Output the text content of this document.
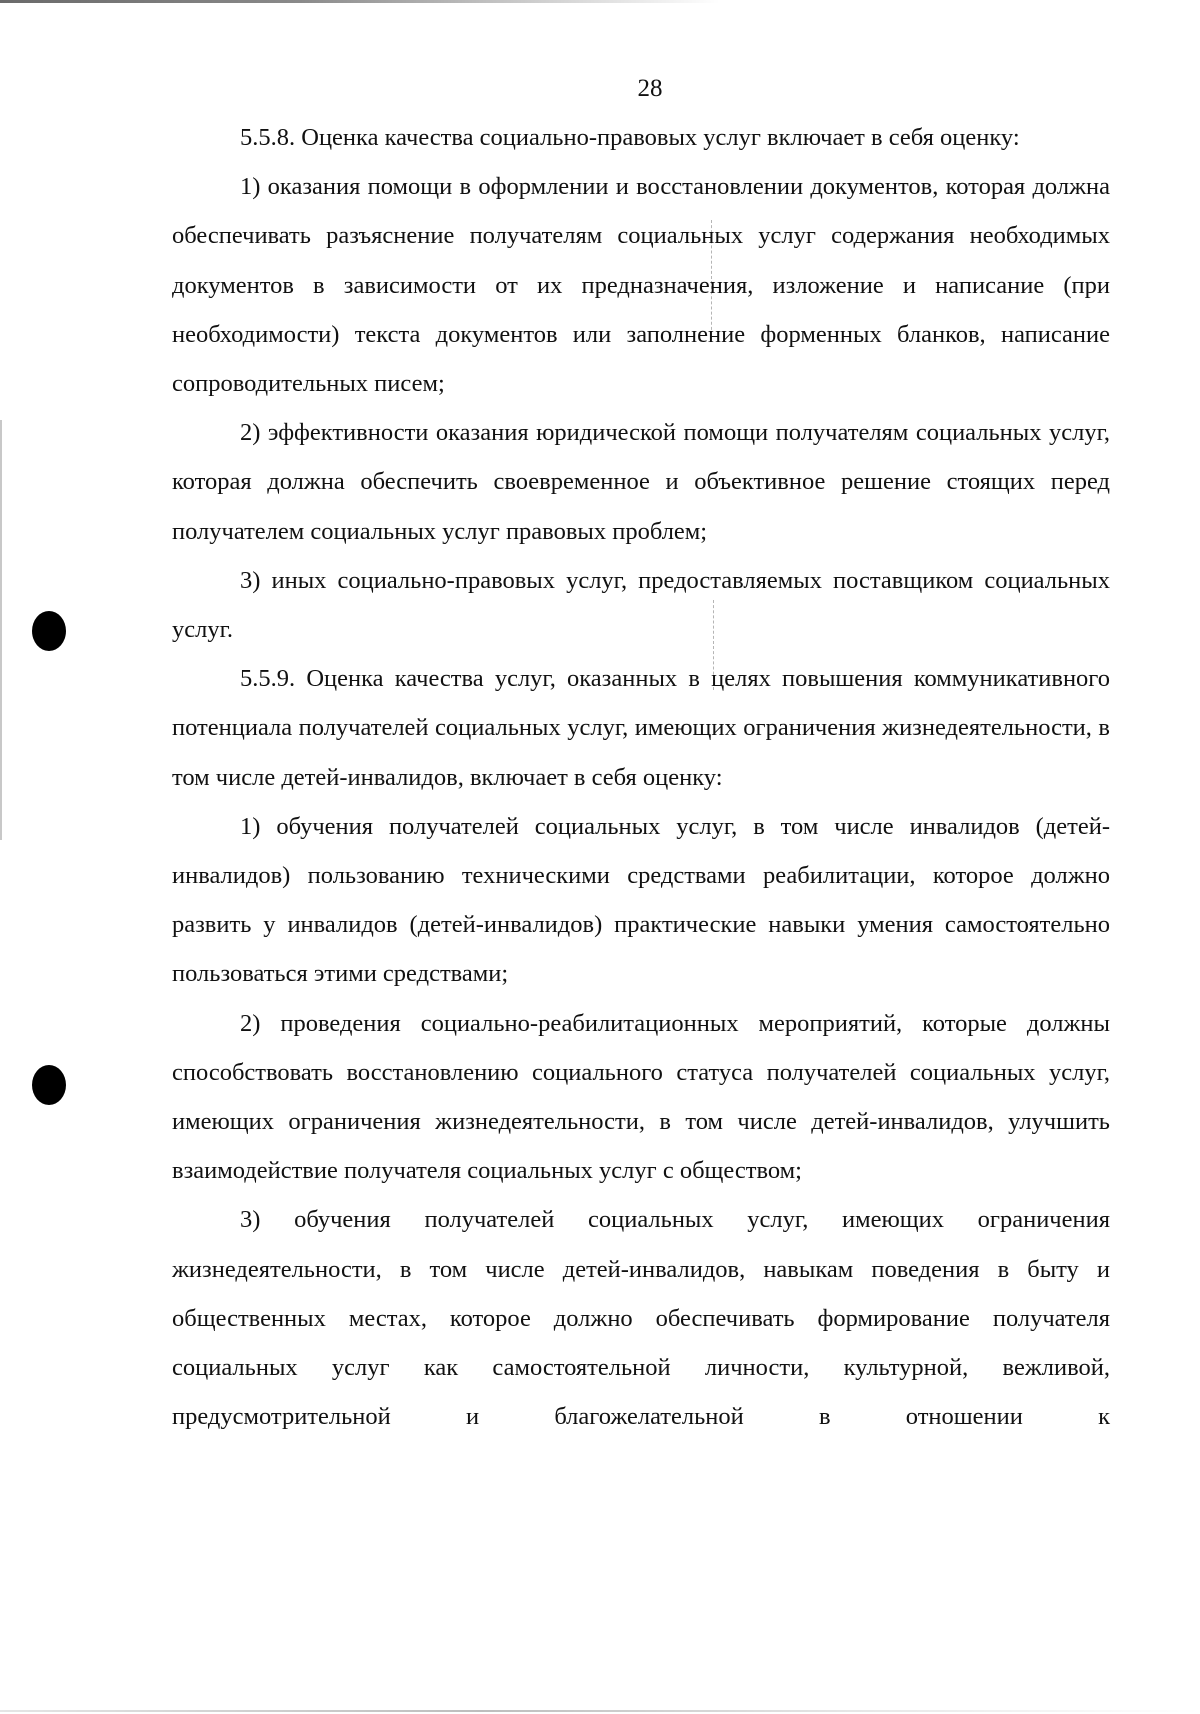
28

5.5.8. Оценка качества социально-правовых услуг включает в себя оценку:

1) оказания помощи в оформлении и восстановлении документов, которая должна обеспечивать разъяснение получателям социальных услуг содержания необходимых документов в зависимости от их предназначения, изложение и написание (при необходимости) текста документов или заполнение форменных бланков, написание сопроводительных писем;

2) эффективности оказания юридической помощи получателям социальных услуг, которая должна обеспечить своевременное и объективное решение стоящих перед получателем социальных услуг правовых проблем;

3) иных социально-правовых услуг, предоставляемых поставщиком социальных услуг.

5.5.9. Оценка качества услуг, оказанных в целях повышения коммуникативного потенциала получателей социальных услуг, имеющих ограничения жизнедеятельности, в том числе детей-инвалидов, включает в себя оценку:

1) обучения получателей социальных услуг, в том числе инвалидов (детей-инвалидов) пользованию техническими средствами реабилитации, которое должно развить у инвалидов (детей-инвалидов) практические навыки умения самостоятельно пользоваться этими средствами;

2) проведения социально-реабилитационных мероприятий, которые должны способствовать восстановлению социального статуса получателей социальных услуг, имеющих ограничения жизнедеятельности, в том числе детей-инвалидов, улучшить взаимодействие получателя социальных услуг с обществом;

3) обучения получателей социальных услуг, имеющих ограничения жизнедеятельности, в том числе детей-инвалидов, навыкам поведения в быту и общественных местах, которое должно обеспечивать формирование получателя социальных услуг как самостоятельной личности, культурной, вежливой, предусмотрительной и благожелательной в отношении к
